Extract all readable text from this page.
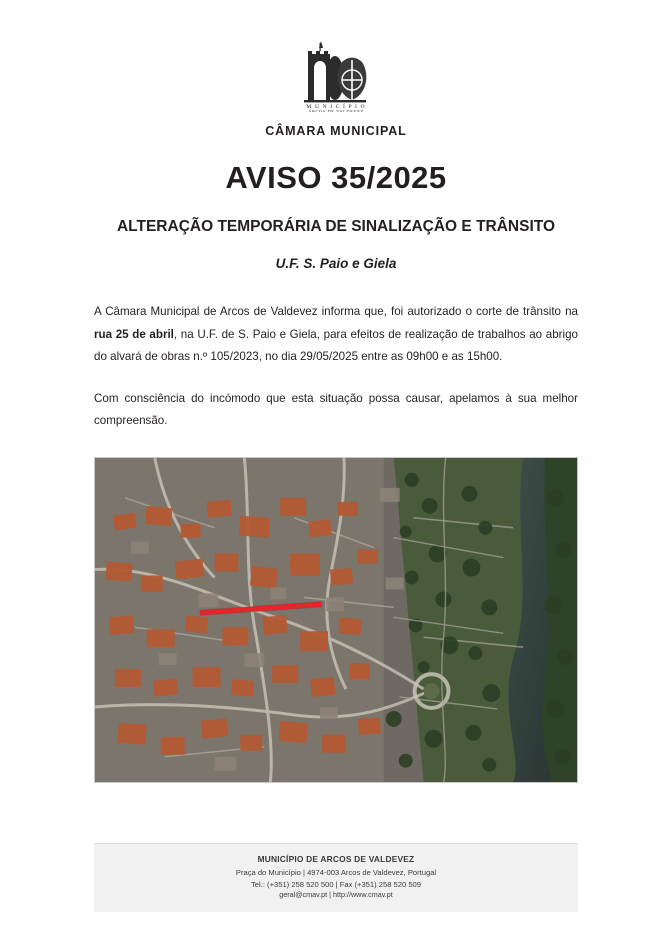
M U N I C Í P I O
ARCOS DE VALDEVEZ
CÂMARA MUNICIPAL
AVISO 35/2025
ALTERAÇÃO TEMPORÁRIA DE SINALIZAÇÃO E TRÂNSITO
U.F. S. Paio e Giela

A Câmara Municipal de Arcos de Valdevez informa que, foi autorizado o corte de trânsito na rua 25 de abril, na U.F. de S. Paio e Giela, para efeitos de realização de trabalhos ao abrigo do alvará de obras n.º 105/2023, no dia 29/05/2025 entre as 09h00 e as 15h00.

Com consciência do incómodo que esta situação possa causar, apelamos à sua melhor compreensão.

MUNICÍPIO DE ARCOS DE VALDEVEZ
Praça do Município | 4974-003 Arcos de Valdevez, Portugal
Tel.: (+351) 258 520 500 | Fax (+351) 258 520 509
geral@cmav.pt | http://www.cmav.pt
